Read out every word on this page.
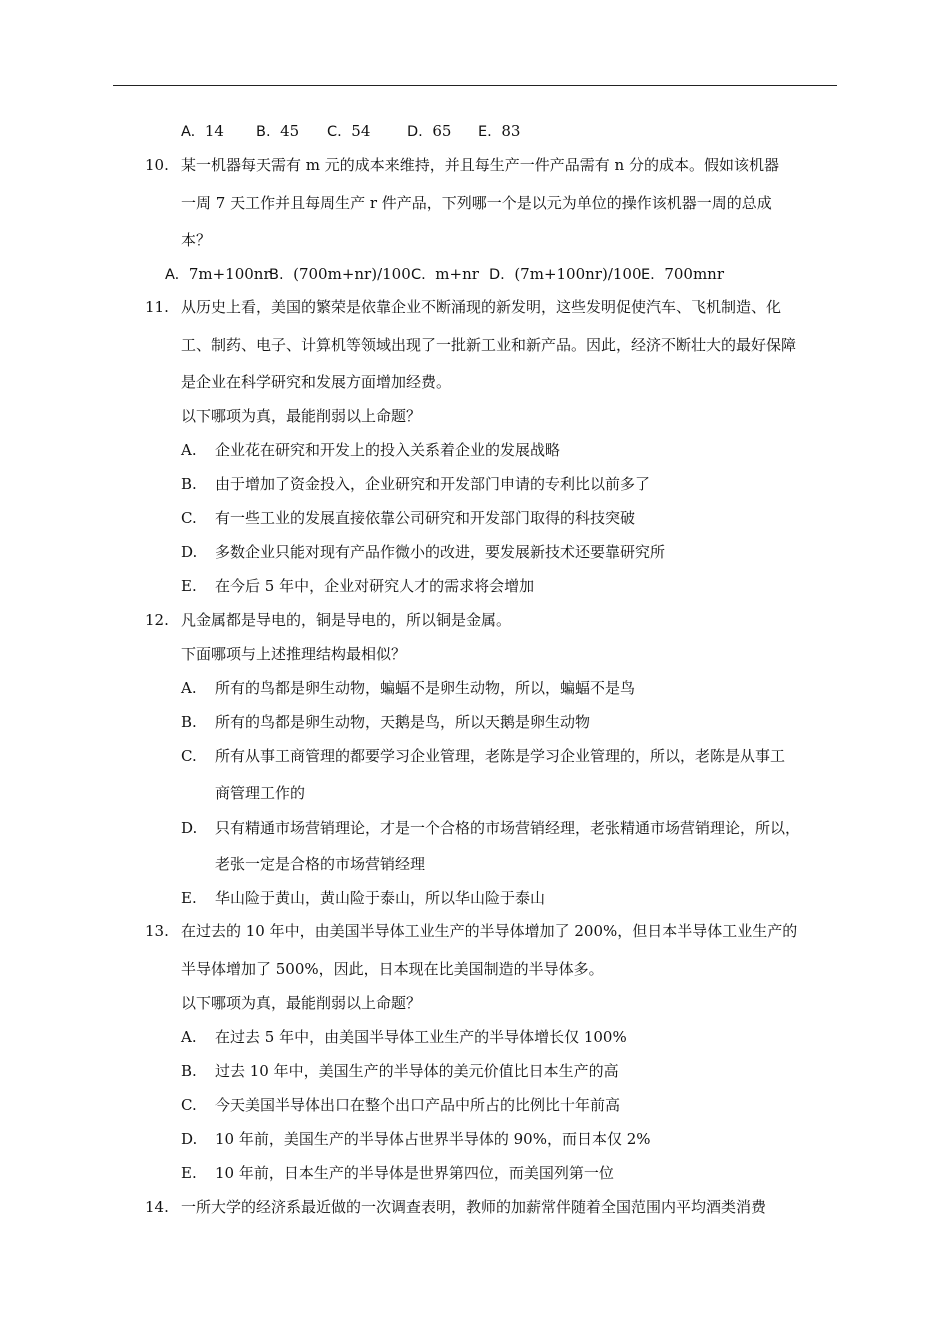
A. 14 B. 45 C. 54	D. 65 E. 83
10. 某一机器每天需有 m 元的成本来维持，并且每生产一件产品需有 n 分的成本。假如该机器
一周 7 天工作并且每周生产 r 件产品，下列哪一个是以元为单位的操作该机器一周的总成
本？
A. 7m+100nr
B. (700m+nr)/100 C. m+nr D. (7m+100nr)/100 E. 700mnr
11. 从历史上看，美国的繁荣是依靠企业不断涌现的新发明，这些发明促使汽车、飞机制造、化
工、制药、电子、计算机等领域出现了一批新工业和新产品。因此，经济不断壮大的最好保障
是企业在科学研究和发展方面增加经费。
以下哪项为真，最能削弱以上命题？
A. 企业花在研究和开发上的投入关系着企业的发展战略
B. 由于增加了资金投入，企业研究和开发部门申请的专利比以前多了
C. 有一些工业的发展直接依靠公司研究和开发部门取得的科技突破
D. 多数企业只能对现有产品作微小的改进，要发展新技术还要靠研究所
E. 在今后 5 年中，企业对研究人才的需求将会增加
12. 凡金属都是导电的，铜是导电的，所以铜是金属。
下面哪项与上述推理结构最相似？
A. 所有的鸟都是卵生动物，蝙蝠不是卵生动物，所以，蝙蝠不是鸟
B. 所有的鸟都是卵生动物，天鹅是鸟，所以天鹅是卵生动物
C. 所有从事工商管理的都要学习企业管理，老陈是学习企业管理的，所以，老陈是从事工
商管理工作的
D. 只有精通市场营销理论，才是一个合格的市场营销经理，老张精通市场营销理论，所以，
老张一定是合格的市场营销经理
E. 华山险于黄山，黄山险于泰山，所以华山险于泰山
13. 在过去的 10 年中，由美国半导体工业生产的半导体增加了 200%，但日本半导体工业生产的
半导体增加了 500%，因此，日本现在比美国制造的半导体多。
以下哪项为真，最能削弱以上命题？
A. 在过去 5 年中，由美国半导体工业生产的半导体增长仅 100%
B. 过去 10 年中，美国生产的半导体的美元价值比日本生产的高
C. 今天美国半导体出口在整个出口产品中所占的比例比十年前高
D. 10 年前，美国生产的半导体占世界半导体的 90%，而日本仅 2%
E. 10 年前，日本生产的半导体是世界第四位，而美国列第一位
14. 一所大学的经济系最近做的一次调查表明，教师的加薪常伴随着全国范围内平均酒类消费
